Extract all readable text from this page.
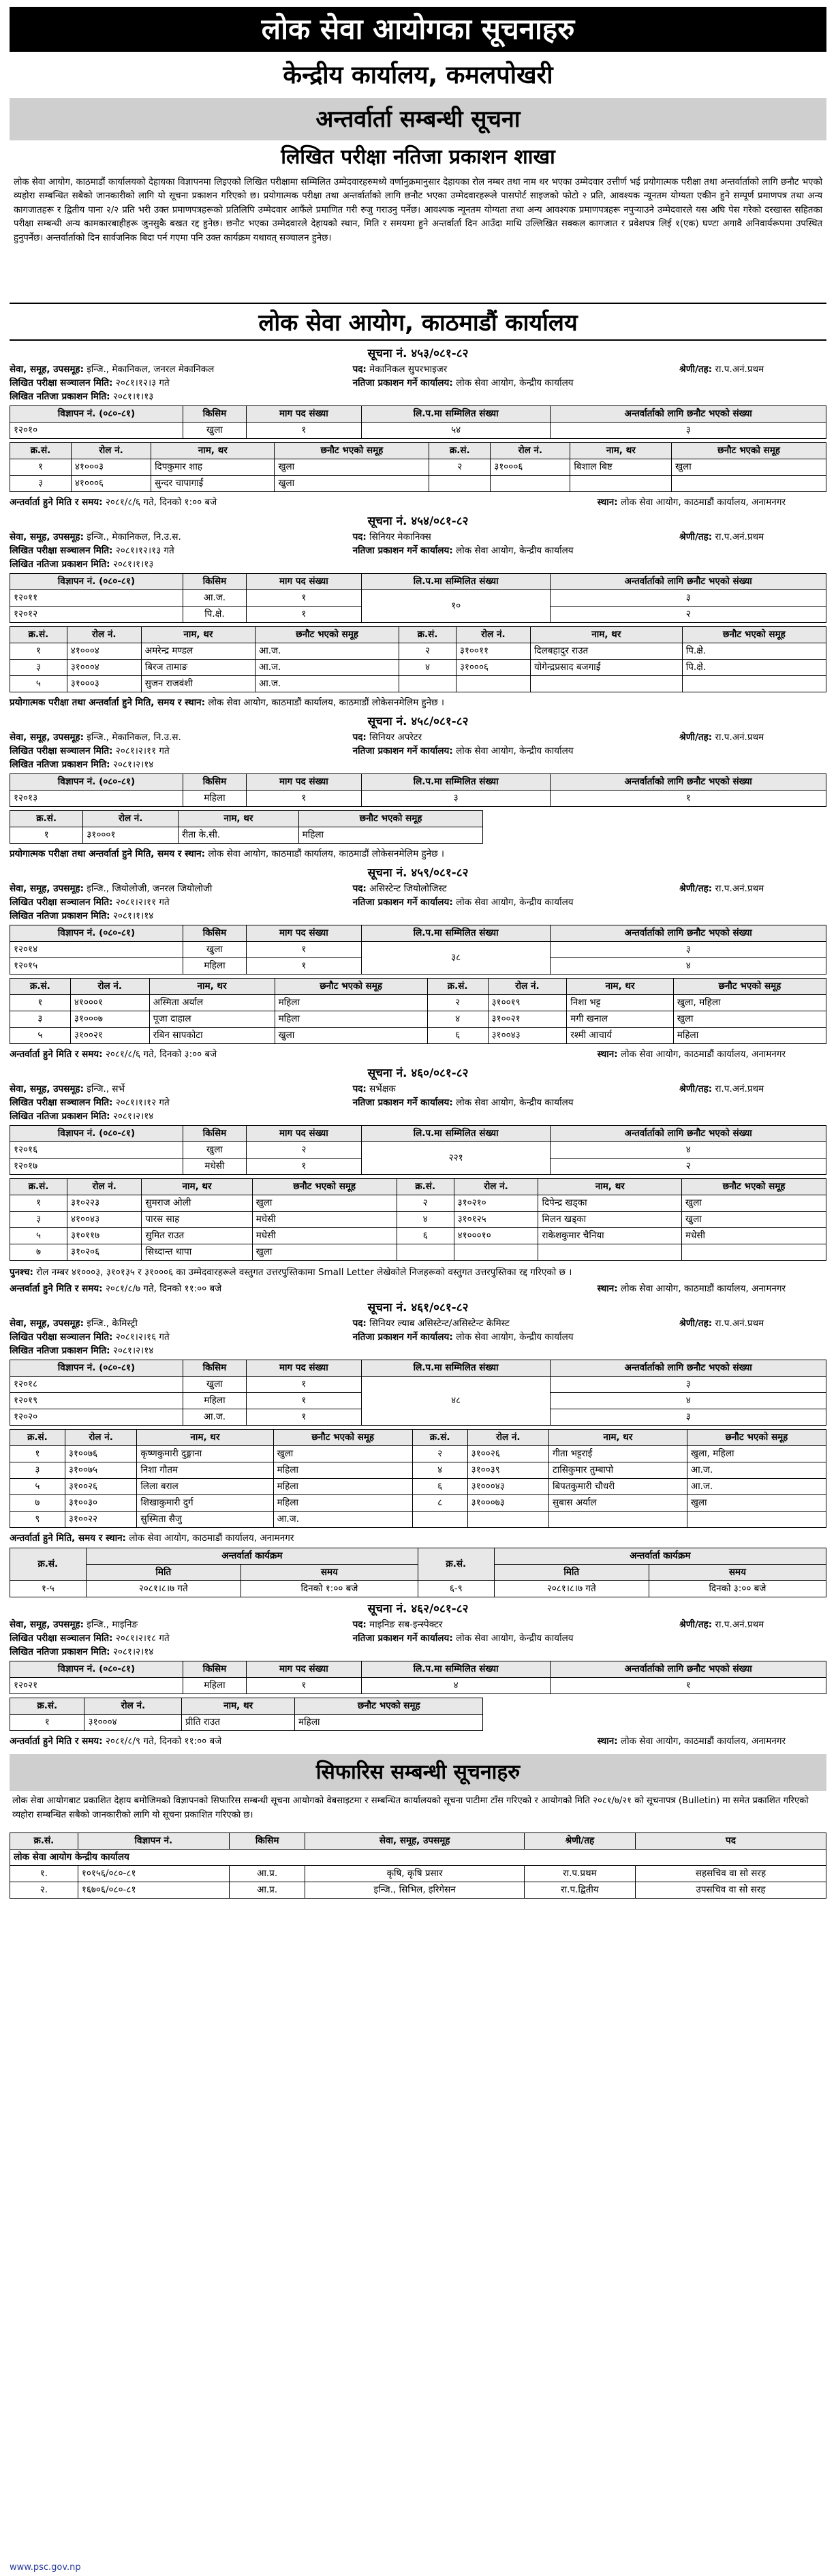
लोक सेवा आयोगका सूचनाहरु
केन्द्रीय कार्यालय, कमलपोखरी
अन्तर्वार्ता सम्बन्धी सूचना
लिखित परीक्षा नतिजा प्रकाशन शाखा
लोक सेवा आयोग, काठमाडौं कार्यालयको देहायका विज्ञापनमा लिइएको लिखित परीक्षामा सम्मिलित उम्मेदवारहरुमध्ये वर्णानुक्रमानुसार देहायका रोल नम्बर तथा नाम थर भएका उम्मेदवार उत्तीर्ण भई प्रयोगात्मक परीक्षा तथा अन्तर्वार्ताको लागि छनौट भएको व्यहोरा सम्बन्धित सबैको जानकारीको लागि यो सूचना प्रकाशन गरिएको छ। प्रयोगात्मक परीक्षा तथा अन्तर्वार्ताको लागि छनौट भएका उम्मेदवारहरूले पासपोर्ट साइजको फोटो २ प्रति, आवश्यक न्यूनतम योग्यता एकीन हुने सम्पूर्ण प्रमाणपत्र तथा अन्य कागजातहरू र द्वितीय पाना २/२ प्रति भरी उक्त प्रमाणपत्रहरूको प्रतिलिपि उम्मेदवार आफैंले प्रमाणित गरी रुजु गराउनु पर्नेछ। आवश्यक न्यूनतम योग्यता तथा अन्य आवश्यक प्रमाणपत्रहरू नपुऱ्याउने उम्मेदवारले यस अघि पेस गरेको दरखास्त सहितका परीक्षा सम्बन्धी अन्य कामकारबाहीहरू जुनसुकै बखत रद्द हुनेछ। छनौट भएका उम्मेदवारले देहायको स्थान, मिति र समयमा हुने अन्तर्वार्ता दिन आउँदा माथि उल्लिखित सक्कल कागजात र प्रवेशपत्र लिई १(एक) घण्टा अगावै अनिवार्यरूपमा उपस्थित हुनुपर्नेछ। अन्तर्वार्ताको दिन सार्वजनिक बिदा पर्न गएमा पनि उक्त कार्यक्रम यथावत् सञ्चालन हुनेछ।
लोक सेवा आयोग, काठमाडौं कार्यालय
सूचना नं. ४५३/०८१-८२
सेवा, समूह, उपसमूह: इन्जि., मेकानिकल, जनरल मेकानिकल	पद: मेकानिकल सुपरभाइजर	श्रेणी/तह: रा.प.अनं.प्रथम
लिखित परीक्षा सञ्चालन मिति: २०८१।१२।३ गते	नतिजा प्रकाशन गर्ने कार्यालय: लोक सेवा आयोग, केन्द्रीय कार्यालय
लिखित नतिजा प्रकाशन मिति: २०८१।१।१३
विज्ञापन नं. (०८०-८१)	किसिम	माग पद संख्या	लि.प.मा सम्मिलित संख्या	अन्तर्वार्ताको लागि छनौट भएको संख्या
१२०१०	खुला	१	५४	३
क्र.सं.	रोल नं.	नाम, थर	छनौट भएको समूह	क्र.सं.	रोल नं.	नाम, थर	छनौट भएको समूह
१	४१०००३	दिपकुमार शाह	खुला	२	३१०००६	बिशाल बिष्ट	खुला
३	४१०००६	सुन्दर चापागाईं	खुला				
अन्तर्वार्ता हुने मिति र समय: २०८१/८/६ गते, दिनको १:०० बजे	स्थान: लोक सेवा आयोग, काठमाडौं कार्यालय, अनामनगर
सूचना नं. ४५४/०८१-८२
सेवा, समूह, उपसमूह: इन्जि., मेकानिकल, नि.उ.स.	पद: सिनियर मेकानिक्स	श्रेणी/तह: रा.प.अनं.प्रथम
लिखित परीक्षा सञ्चालन मिति: २०८१।१२।१३ गते	नतिजा प्रकाशन गर्ने कार्यालय: लोक सेवा आयोग, केन्द्रीय कार्यालय
लिखित नतिजा प्रकाशन मिति: २०८१।१।१३
विज्ञापन नं. (०८०-८१)	किसिम	माग पद संख्या	लि.प.मा सम्मिलित संख्या	अन्तर्वार्ताको लागि छनौट भएको संख्या
१२०११	आ.ज.	१	१०	३
१२०१२	पि.क्षे.	१		२
क्र.सं.	रोल नं.	नाम, थर	छनौट भएको समूह	क्र.सं.	रोल नं.	नाम, थर	छनौट भएको समूह
१	४१०००४	अमरेन्द्र मण्डल	आ.ज.	२	३१००११	दिलबहादुर राउत	पि.क्षे.
३	३१०००४	बिरज तामाङ	आ.ज.	४	३१०००६	योगेन्द्रप्रसाद बजगाईं	पि.क्षे.
५	३१०००३	सुजन राजवंशी	आ.ज.				
प्रयोगात्मक परीक्षा तथा अन्तर्वार्ता हुने मिति, समय र स्थान: लोक सेवा आयोग, काठमाडौं कार्यालय, काठमाडौं लोकेसनमेलिम हुनेछ ।
सूचना नं. ४५८/०८१-८२
सेवा, समूह, उपसमूह: इन्जि., मेकानिकल, नि.उ.स.	पद: सिनियर अपरेटर	श्रेणी/तह: रा.प.अनं.प्रथम
लिखित परीक्षा सञ्चालन मिति: २०८१।२।११ गते	नतिजा प्रकाशन गर्ने कार्यालय: लोक सेवा आयोग, केन्द्रीय कार्यालय
लिखित नतिजा प्रकाशन मिति: २०८१।२।१४
विज्ञापन नं. (०८०-८१)	किसिम	माग पद संख्या	लि.प.मा सम्मिलित संख्या	अन्तर्वार्ताको लागि छनौट भएको संख्या
१२०१३	महिला	१	३	१
क्र.सं.	रोल नं.	नाम, थर	छनौट भएको समूह
१	३१०००१	रीता के.सी.	महिला
प्रयोगात्मक परीक्षा तथा अन्तर्वार्ता हुने मिति, समय र स्थान: लोक सेवा आयोग, काठमाडौं कार्यालय, काठमाडौं लोकेसनमेलिम हुनेछ ।
सूचना नं. ४५९/०८१-८२
सेवा, समूह, उपसमूह: इन्जि., जियोलोजी, जनरल जियोलोजी	पद: असिस्टेन्ट जियोलोजिस्ट	श्रेणी/तह: रा.प.अनं.प्रथम
लिखित परीक्षा सञ्चालन मिति: २०८१।२।११ गते	नतिजा प्रकाशन गर्ने कार्यालय: लोक सेवा आयोग, केन्द्रीय कार्यालय
लिखित नतिजा प्रकाशन मिति: २०८१।१।१४
विज्ञापन नं. (०८०-८१)	किसिम	माग पद संख्या	लि.प.मा सम्मिलित संख्या	अन्तर्वार्ताको लागि छनौट भएको संख्या
१२०१४	खुला	१	३८	३
१२०१५	महिला	१		४
क्र.सं.	रोल नं.	नाम, थर	छनौट भएको समूह	क्र.सं.	रोल नं.	नाम, थर	छनौट भएको समूह
१	४१०००१	अस्मिता अर्याल	महिला	२	३१००१९	निशा भट्ट	खुला, महिला
३	३१०००७	पूजा दाहाल	महिला	४	३१००२१	मगी खनाल	खुला
५	३१००२१	रबिन सापकोटा	खुला	६	३१००४३	रश्मी आचार्य	महिला
अन्तर्वार्ता हुने मिति र समय: २०८१/८/६ गते, दिनको ३:०० बजे	स्थान: लोक सेवा आयोग, काठमाडौं कार्यालय, अनामनगर
सूचना नं. ४६०/०८१-८२
सेवा, समूह, उपसमूह: इन्जि., सर्भे	पद: सर्भेक्षक	श्रेणी/तह: रा.प.अनं.प्रथम
लिखित परीक्षा सञ्चालन मिति: २०८१।१।१२ गते	नतिजा प्रकाशन गर्ने कार्यालय: लोक सेवा आयोग, केन्द्रीय कार्यालय
लिखित नतिजा प्रकाशन मिति: २०८१।२।१४
विज्ञापन नं. (०८०-८१)	किसिम	माग पद संख्या	लि.प.मा सम्मिलित संख्या	अन्तर्वार्ताको लागि छनौट भएको संख्या
१२०१६	खुला	२	२२१	४
१२०१७	मधेसी	१		२
क्र.सं.	रोल नं.	नाम, थर	छनौट भएको समूह	क्र.सं.	रोल नं.	नाम, थर	छनौट भएको समूह
१	३१०२२३	सुमराज ओली	खुला	२	३१०२१०	दिपेन्द्र खड्का	खुला
३	४१००४३	पारस साह	मधेसी	४	३१०१२५	मिलन खड्का	खुला
५	३१०११७	सुमित राउत	मधेसी	६	४१०००१०	राकेशकुमार चैनिया	मधेसी
७	३१०२०६	सिध्दान्त थापा	खुला				
पुनश्च: रोल नम्बर ४१०००३, ३१०१३५ र ३१०००६ का उम्मेदवारहरूले वस्तुगत उत्तरपुस्तिकामा Small Letter लेखेकोले निजहरूको वस्तुगत उत्तरपुस्तिका रद्द गरिएको छ ।
अन्तर्वार्ता हुने मिति र समय: २०८१/८/७ गते, दिनको ११:०० बजे	स्थान: लोक सेवा आयोग, काठमाडौं कार्यालय, अनामनगर
सूचना नं. ४६१/०८१-८२
सेवा, समूह, उपसमूह: इन्जि., केमिस्ट्री	पद: सिनियर ल्याब असिस्टेन्ट/असिस्टेन्ट केमिस्ट	श्रेणी/तह: रा.प.अनं.प्रथम
लिखित परीक्षा सञ्चालन मिति: २०८१।२।१६ गते	नतिजा प्रकाशन गर्ने कार्यालय: लोक सेवा आयोग, केन्द्रीय कार्यालय
लिखित नतिजा प्रकाशन मिति: २०८१।२।१४
विज्ञापन नं. (०८०-८१)	किसिम	माग पद संख्या	लि.प.मा सम्मिलित संख्या	अन्तर्वार्ताको लागि छनौट भएको संख्या
१२०१८	खुला	१	४८	३
१२०१९	महिला	१		४
१२०२०	आ.ज.	१		३
क्र.सं.	रोल नं.	नाम, थर	छनौट भएको समूह	क्र.सं.	रोल नं.	नाम, थर	छनौट भएको समूह
१	३१००७६	कृष्णकुमारी दुङ्गाना	खुला	२	३१००२६	गीता भट्टराई	खुला, महिला
३	३१००७५	निशा गौतम	महिला	४	३१००३९	टासिकुमार तुम्बापो	आ.ज.
५	३१००२६	लिला बराल	महिला	६	३१०००४३	बिपतकुमारी चौधरी	आ.ज.
७	३१००३०	शिखाकुमारी दुर्ग	महिला	८	३१०००७३	सुबास अर्याल	खुला
९	३१००२२	सुस्मिता सैजु	आ.ज.				
अन्तर्वार्ता हुने मिति, समय र स्थान: लोक सेवा आयोग, काठमाडौं कार्यालय, अनामनगर
क्र.सं.	अन्तर्वार्ता कार्यक्रम		क्र.सं.	अन्तर्वार्ता कार्यक्रम	
	मिति	समय		मिति	समय
१-५	२०८१।८।७ गते	दिनको १:०० बजे	६-९	२०८१।८।७ गते	दिनको ३:०० बजे
सूचना नं. ४६२/०८१-८२
सेवा, समूह, उपसमूह: इन्जि., माइनिङ	पद: माइनिङ सब-इन्स्पेक्टर	श्रेणी/तह: रा.प.अनं.प्रथम
लिखित परीक्षा सञ्चालन मिति: २०८१।२।१८ गते	नतिजा प्रकाशन गर्ने कार्यालय: लोक सेवा आयोग, केन्द्रीय कार्यालय
लिखित नतिजा प्रकाशन मिति: २०८१।२।१४
विज्ञापन नं. (०८०-८१)	किसिम	माग पद संख्या	लि.प.मा सम्मिलित संख्या	अन्तर्वार्ताको लागि छनौट भएको संख्या
१२०२१	महिला	१	४	१
क्र.सं.	रोल नं.	नाम, थर	छनौट भएको समूह
१	३१०००४	प्रीति राउत	महिला
अन्तर्वार्ता हुने मिति र समय: २०८१/८/९ गते, दिनको ११:०० बजे	स्थान: लोक सेवा आयोग, काठमाडौं कार्यालय, अनामनगर
सिफारिस सम्बन्धी सूचनाहरु
लोक सेवा आयोगबाट प्रकाशित देहाय बमोजिमको विज्ञापनको सिफारिस सम्बन्धी सूचना आयोगको वेबसाइटमा र सम्बन्धित कार्यालयको सूचना पाटीमा टाँस गरिएको र आयोगको मिति २०८१/७/२१ को सूचनापत्र (Bulletin) मा समेत प्रकाशित गरिएको व्यहोरा सम्बन्धित सबैको जानकारीको लागि यो सूचना प्रकाशित गरिएको छ।
क्र.सं.	विज्ञापन नं.	किसिम	सेवा, समूह, उपसमूह	श्रेणी/तह	पद
लोक सेवा आयोग केन्द्रीय कार्यालय					
१.	१०१५६/०८०-८१	आ.प्र.	कृषि, कृषि प्रसार	रा.प.प्रथम	सहसचिव वा सो सरह
२.	१६७०६/०८०-८१	आ.प्र.	इन्जि., सिभिल, इरिगेसन	रा.प.द्वितीय	उपसचिव वा सो सरह
www.psc.gov.np
